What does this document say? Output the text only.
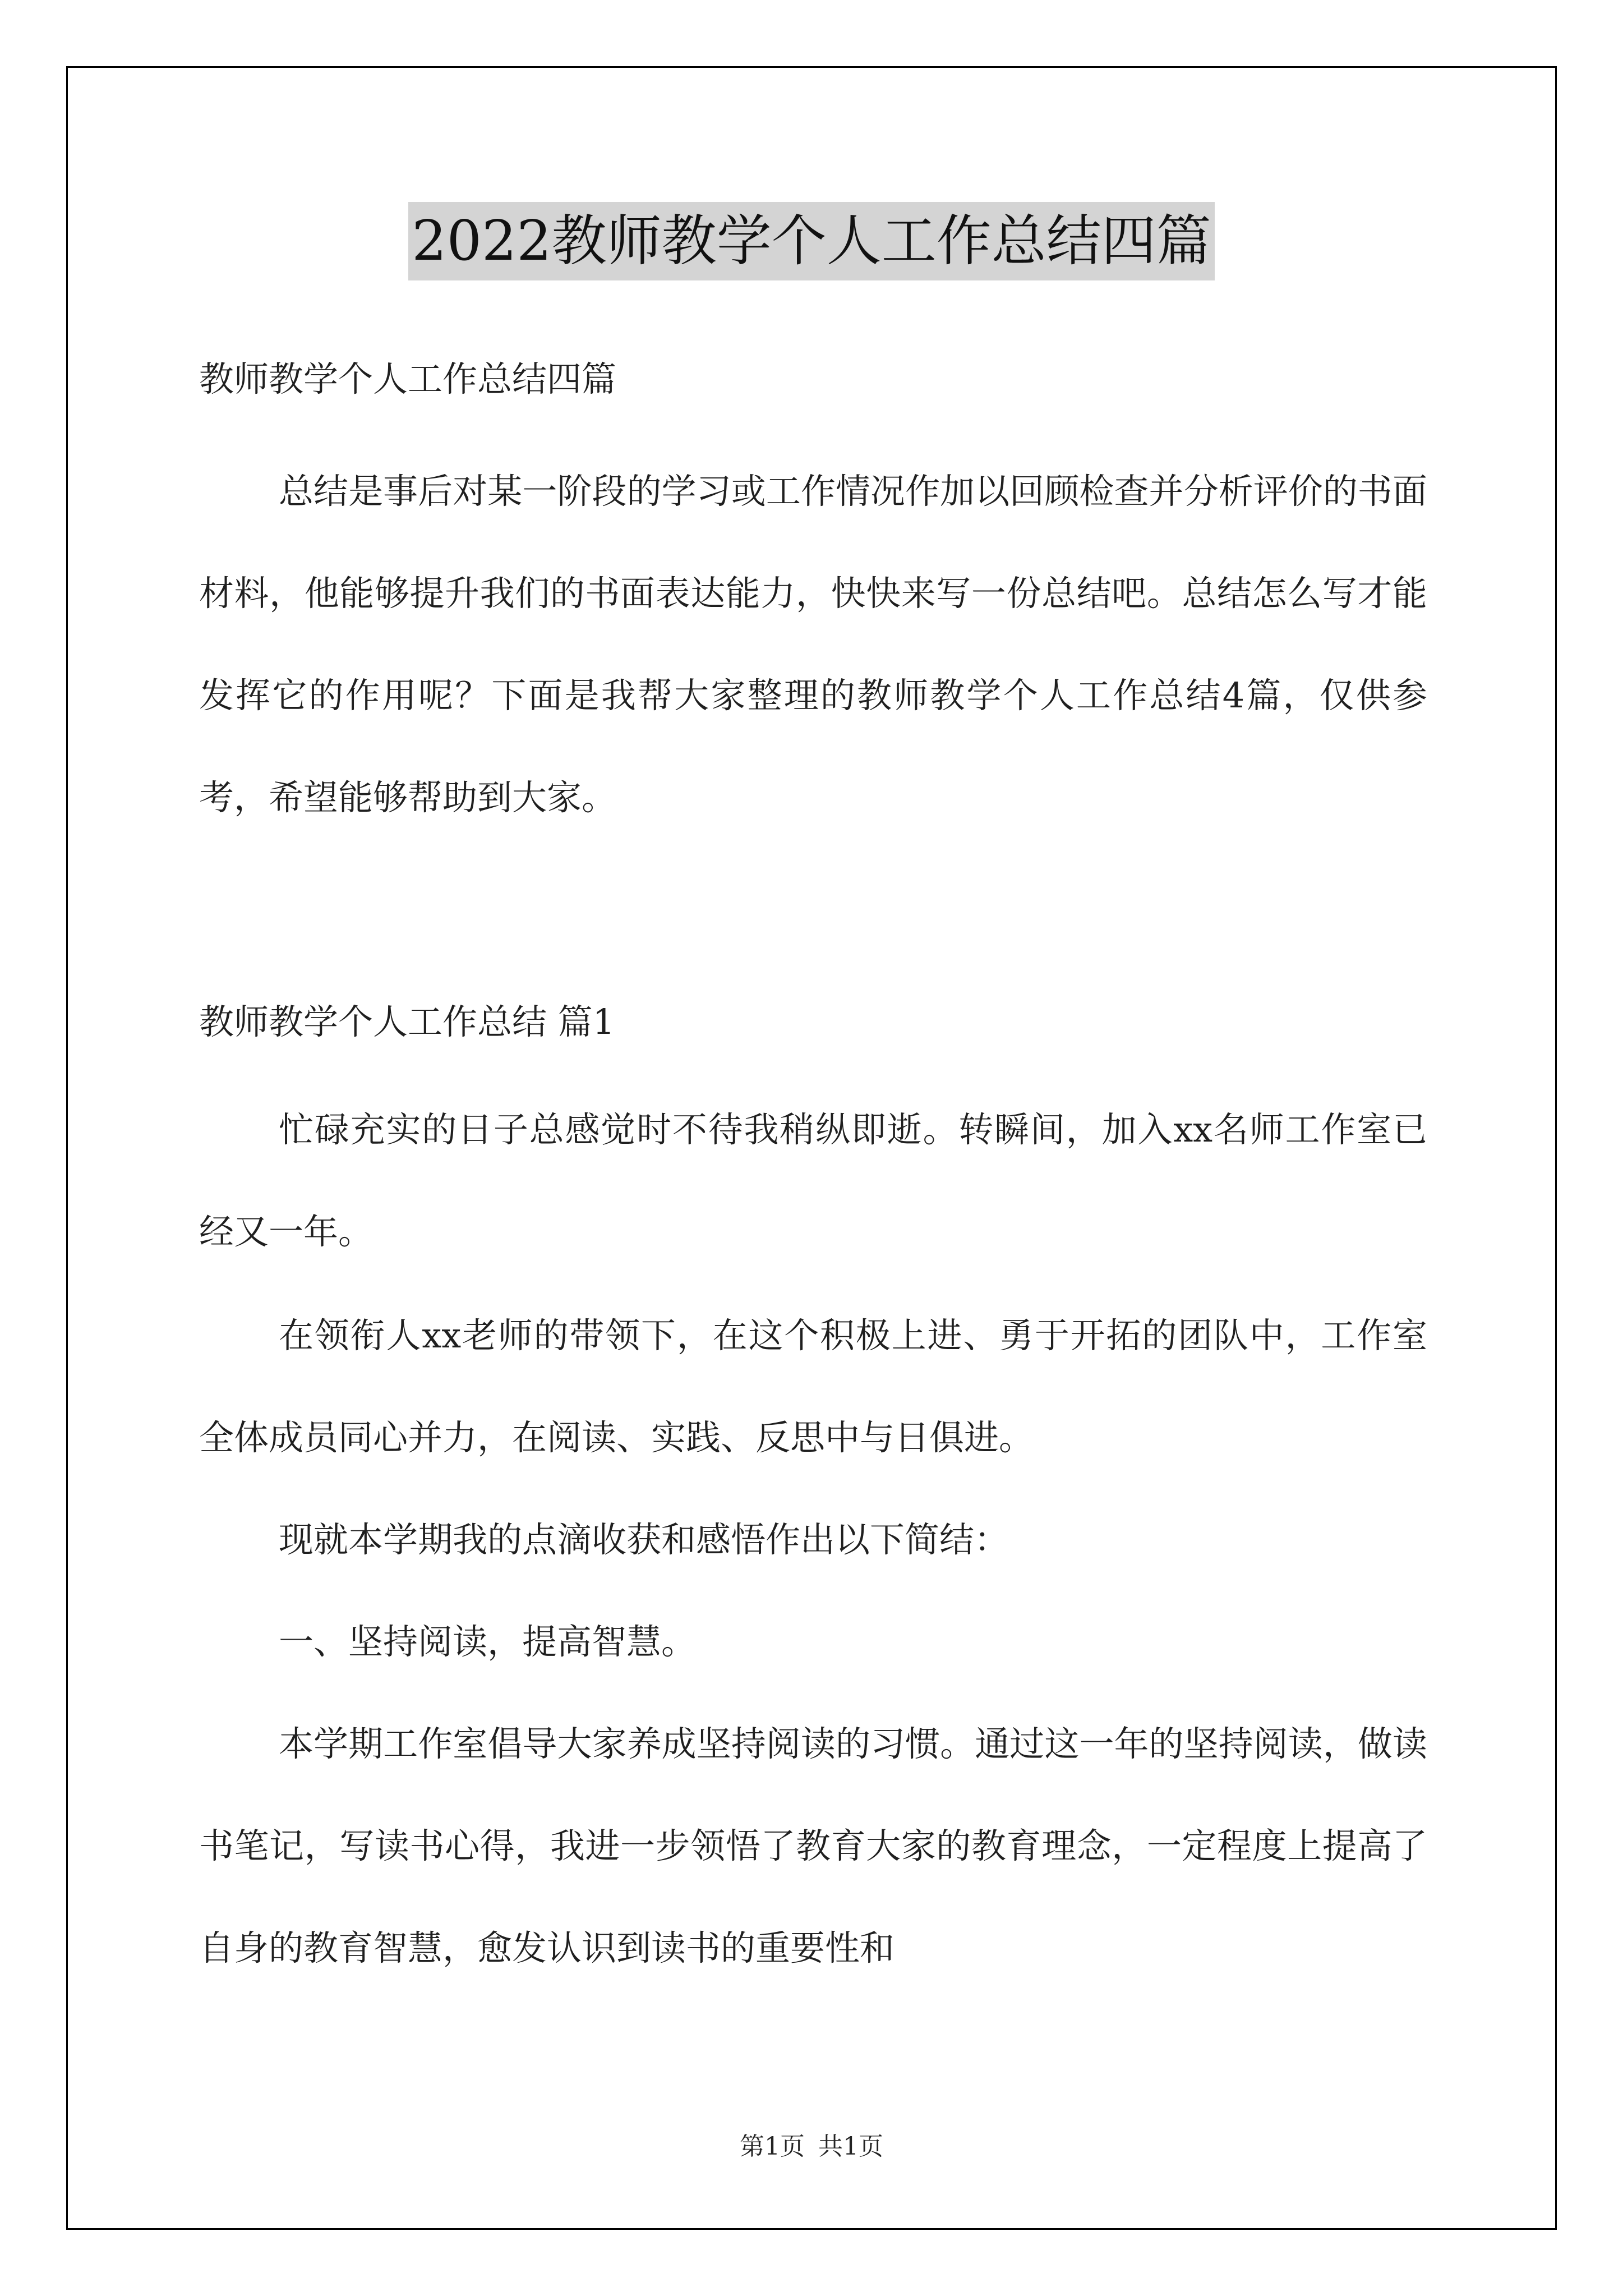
2022教师教学个人工作总结四篇

教师教学个人工作总结四篇

总结是事后对某一阶段的学习或工作情况作加以回顾检查并分析评价的书面材料，他能够提升我们的书面表达能力，快快来写一份总结吧。总结怎么写才能发挥它的作用呢？下面是我帮大家整理的教师教学个人工作总结4篇，仅供参考，希望能够帮助到大家。

教师教学个人工作总结 篇1

忙碌充实的日子总感觉时不待我稍纵即逝。转瞬间，加入xx名师工作室已经又一年。

在领衔人xx老师的带领下，在这个积极上进、勇于开拓的团队中，工作室全体成员同心并力，在阅读、实践、反思中与日俱进。

现就本学期我的点滴收获和感悟作出以下简结：

一、坚持阅读，提高智慧。

本学期工作室倡导大家养成坚持阅读的习惯。通过这一年的坚持阅读，做读书笔记，写读书心得，我进一步领悟了教育大家的教育理念，一定程度上提高了自身的教育智慧，愈发认识到读书的重要性和

第1页 共1页
